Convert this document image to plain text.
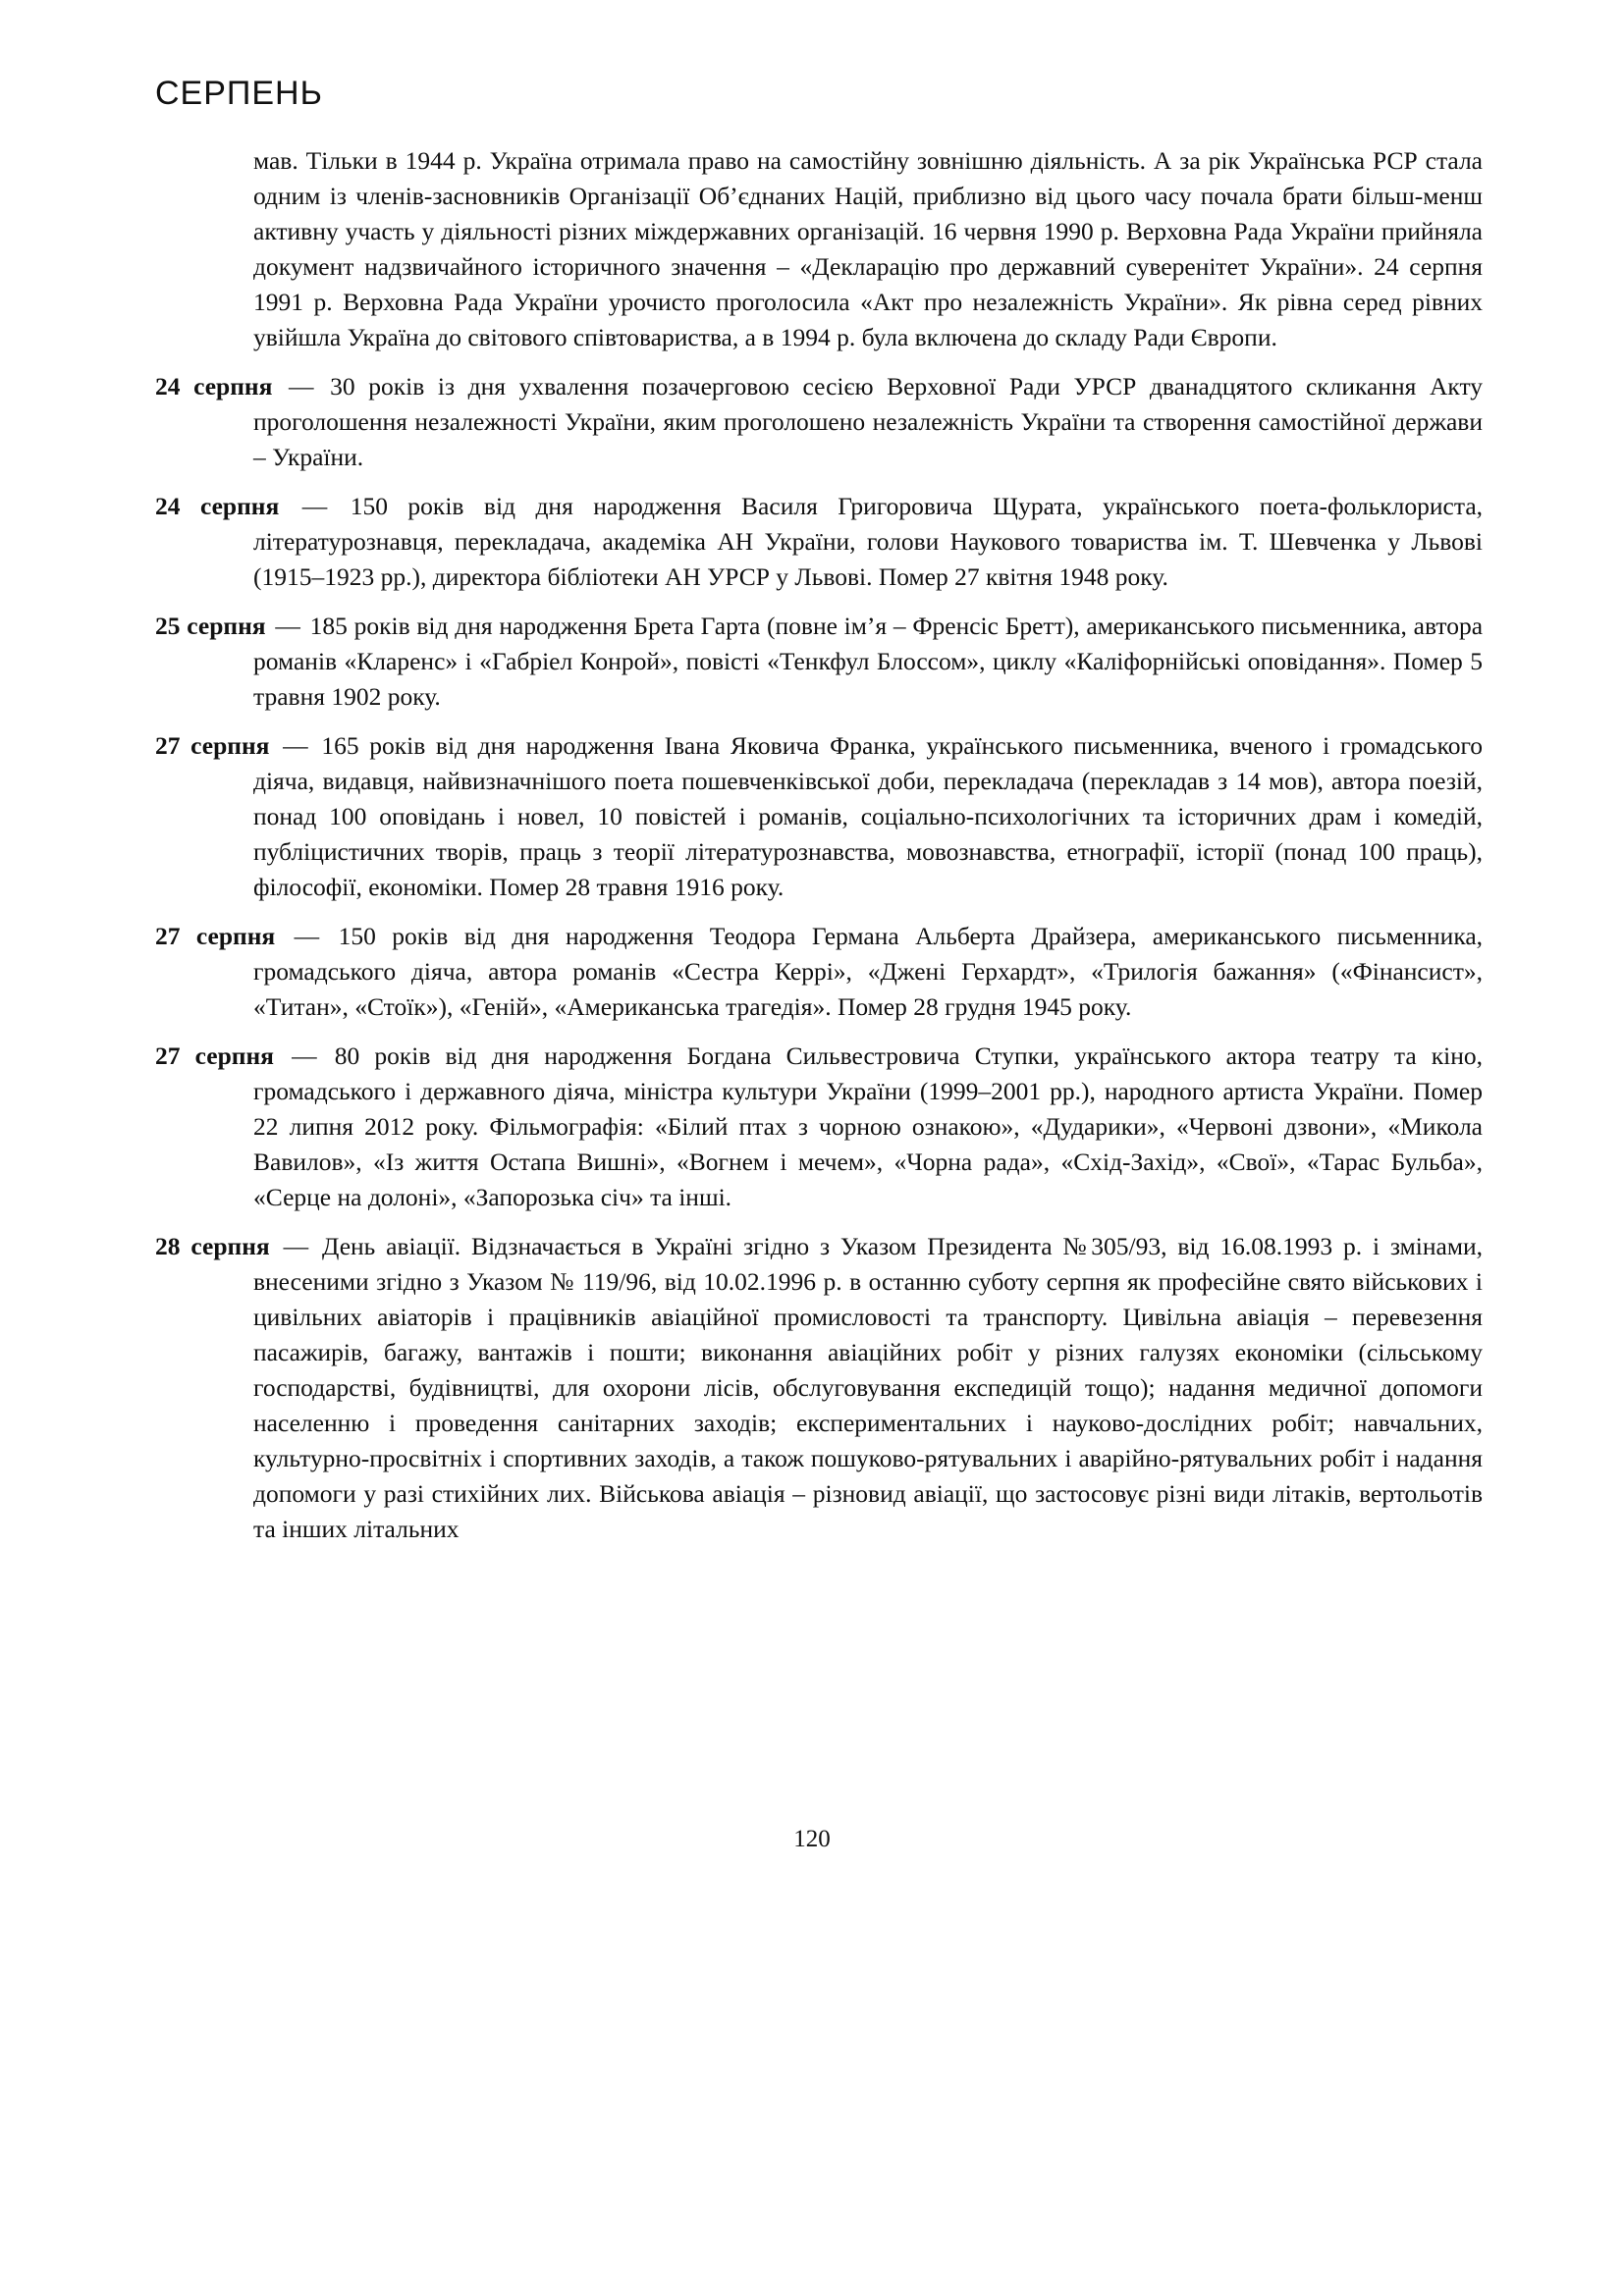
СЕРПЕНЬ

мав. Тільки в 1944 р. Україна отримала право на самостійну зовнішню діяльність. А за рік Українська РСР стала одним із членів-засновників Організації Об’єднаних Націй, приблизно від цього часу почала брати більш-менш активну участь у діяльності різних міждержавних організацій. 16 червня 1990 р. Верховна Рада України прийняла документ надзвичайного історичного значення – «Декларацію про державний суверенітет України». 24 серпня 1991 р. Верховна Рада України урочисто проголосила «Акт про незалежність України». Як рівна серед рівних увійшла Україна до світового співтовариства, а в 1994 р. була включена до складу Ради Європи.

24 серпня — 30 років із дня ухвалення позачерговою сесією Верховної Ради УРСР дванадцятого скликання Акту проголошення незалежності України, яким проголошено незалежність України та створення самостійної держави – України.

24 серпня — 150 років від дня народження Василя Григоровича Щурата, українського поета-фольклориста, літературознавця, перекладача, академіка АН України, голови Наукового товариства ім. Т. Шевченка у Львові (1915–1923 рр.), директора бібліотеки АН УРСР у Львові. Помер 27 квітня 1948 року.

25 серпня — 185 років від дня народження Брета Гарта (повне ім’я – Френсіс Бретт), американського письменника, автора романів «Кларенс» і «Габріел Конрой», повісті «Тенкфул Блоссом», циклу «Каліфорнійські оповідання». Помер 5 травня 1902 року.

27 серпня — 165 років від дня народження Івана Яковича Франка, українського письменника, вченого і громадського діяча, видавця, найвизначнішого поета пошевченківської доби, перекладача (перекладав з 14 мов), автора поезій, понад 100 оповідань і новел, 10 повістей і романів, соціально-психологічних та історичних драм і комедій, публіцистичних творів, праць з теорії літературознавства, мовознавства, етнографії, історії (понад 100 праць), філософії, економіки. Помер 28 травня 1916 року.

27 серпня — 150 років від дня народження Теодора Германа Альберта Драйзера, американського письменника, громадського діяча, автора романів «Сестра Керрі», «Джені Герхардт», «Трилогія бажання» («Фінансист», «Титан», «Стоїк»), «Геній», «Американська трагедія». Помер 28 грудня 1945 року.

27 серпня — 80 років від дня народження Богдана Сильвестровича Ступки, українського актора театру та кіно, громадського і державного діяча, міністра культури України (1999–2001 рр.), народного артиста України. Помер 22 липня 2012 року. Фільмографія: «Білий птах з чорною ознакою», «Дударики», «Червоні дзвони», «Микола Вавилов», «Із життя Остапа Вишні», «Вогнем і мечем», «Чорна рада», «Схід-Захід», «Свої», «Тарас Бульба», «Серце на долоні», «Запорозька січ» та інші.

28 серпня — День авіації. Відзначається в Україні згідно з Указом Президента №305/93, від 16.08.1993 р. і змінами, внесеними згідно з Указом № 119/96, від 10.02.1996 р. в останню суботу серпня як професійне свято військових і цивільних авіаторів і працівників авіаційної промисловості та транспорту. Цивільна авіація – перевезення пасажирів, багажу, вантажів і пошти; виконання авіаційних робіт у різних галузях економіки (сільському господарстві, будівництві, для охорони лісів, обслуговування експедицій тощо); надання медичної допомоги населенню і проведення санітарних заходів; експериментальних і науково-дослідних робіт; навчальних, культурно-просвітніх і спортивних заходів, а також пошуково-рятувальних і аварійно-рятувальних робіт і надання допомоги у разі стихійних лих. Військова авіація – різновид авіації, що застосовує різні види літаків, вертольотів та інших літальних

120
